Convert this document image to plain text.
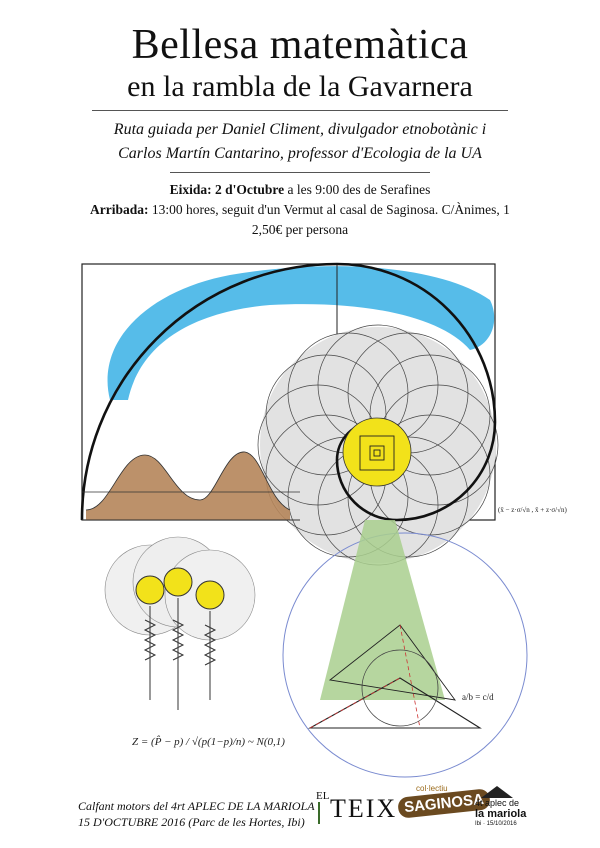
Bellesa matemàtica
en la rambla de la Gavarnera
Ruta guiada per Daniel Climent, divulgador etnobotànic i
Carlos Martín Cantarino, professor d'Ecologia de la UA
Eixida: 2 d'Octubre a les 9:00 des de Serafines
Arribada: 13:00 hores, seguit d'un Vermut al casal de Saginosa. C/Ànimes, 1
2,50€ per persona
Z = (P̂ − p) / √(p(1−p)/n) ~ N(0,1)
(x̄ − z·σ/√n , x̄ + z·σ/√n)
a/b = c/d
Calfant motors del 4rt APLEC DE LA MARIOLA
15 D'OCTUBRE 2016 (Parc de les Hortes, Ibi)
EL TEIX
col·lectiu
SAGINOSA
4t aplec de
la mariola
Ibi · 15/10/2016
